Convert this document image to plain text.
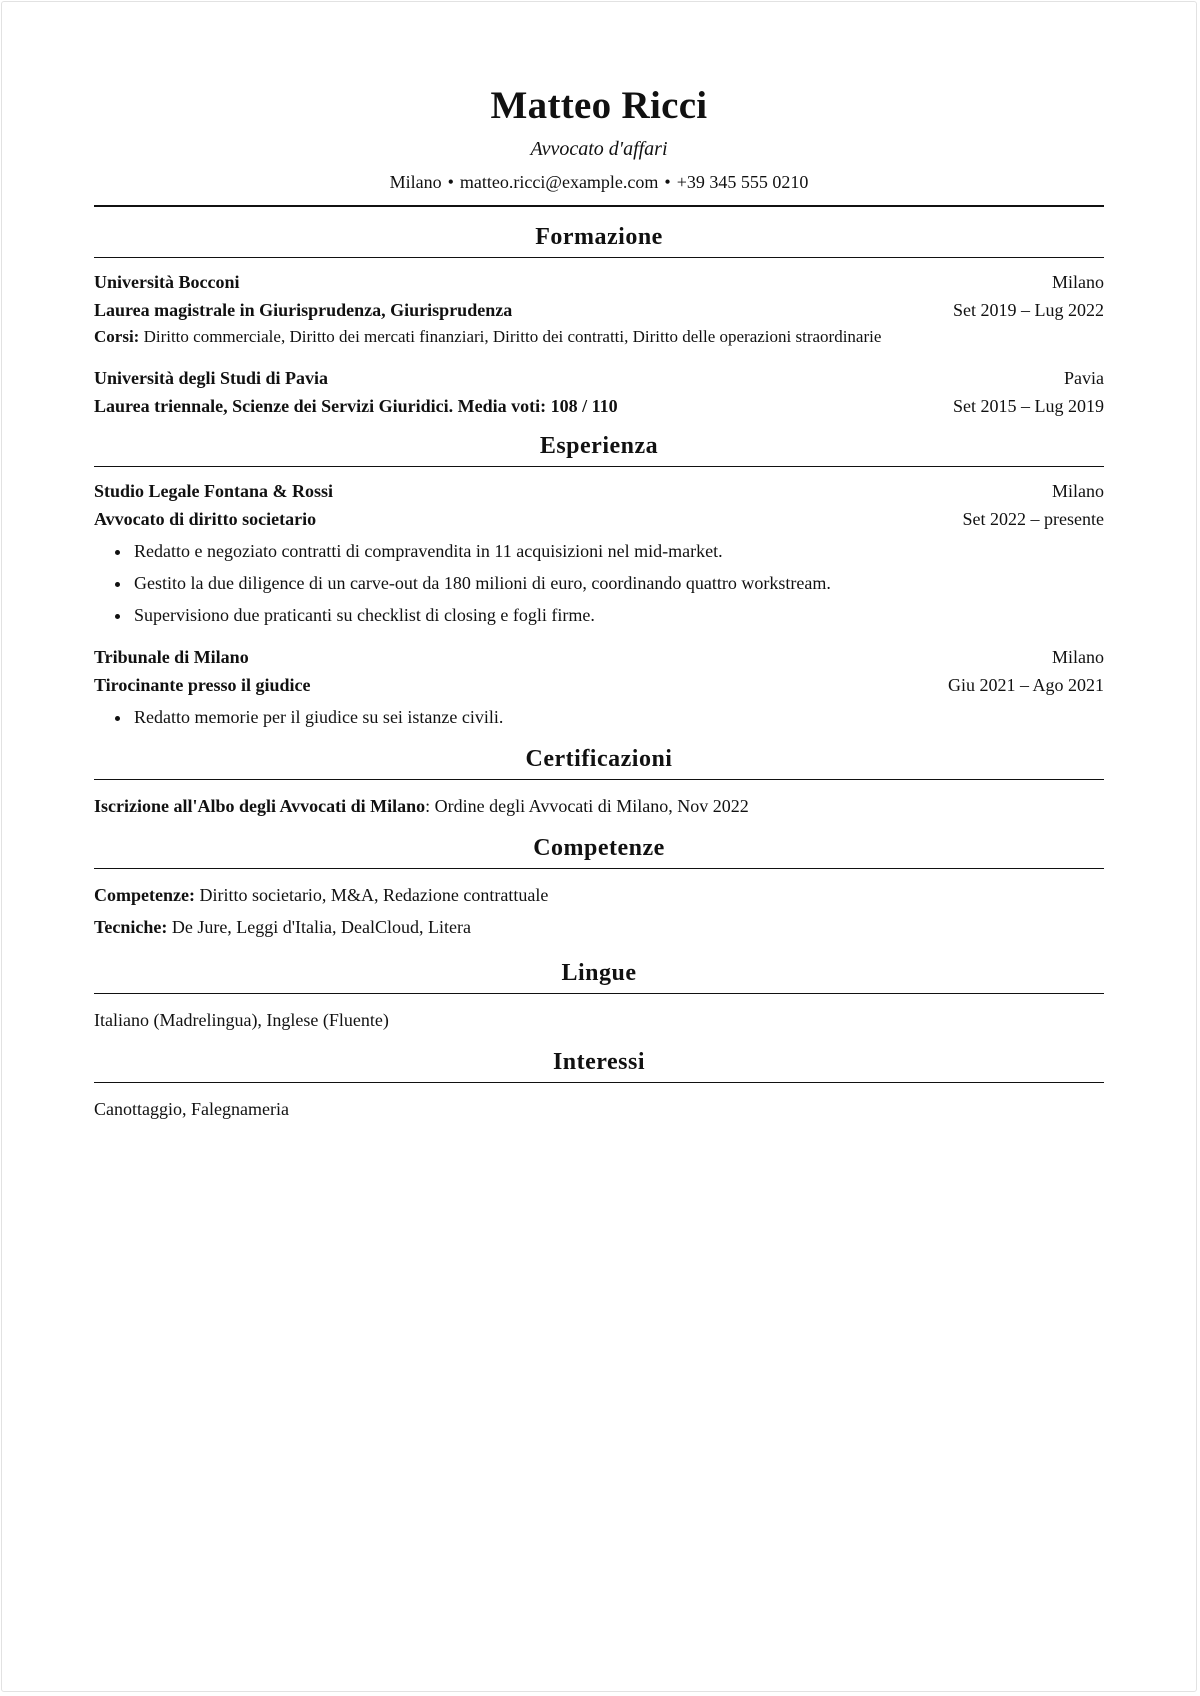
Matteo Ricci
Avvocato d'affari
Milano • matteo.ricci@example.com • +39 345 555 0210
Formazione
Università Bocconi	Milano
Laurea magistrale in Giurisprudenza, Giurisprudenza	Set 2019 – Lug 2022
Corsi: Diritto commerciale, Diritto dei mercati finanziari, Diritto dei contratti, Diritto delle operazioni straordinarie
Università degli Studi di Pavia	Pavia
Laurea triennale, Scienze dei Servizi Giuridici. Media voti: 108 / 110	Set 2015 – Lug 2019
Esperienza
Studio Legale Fontana & Rossi	Milano
Avvocato di diritto societario	Set 2022 – presente
• Redatto e negoziato contratti di compravendita in 11 acquisizioni nel mid-market.
• Gestito la due diligence di un carve-out da 180 milioni di euro, coordinando quattro workstream.
• Supervisiono due praticanti su checklist di closing e fogli firme.
Tribunale di Milano	Milano
Tirocinante presso il giudice	Giu 2021 – Ago 2021
• Redatto memorie per il giudice su sei istanze civili.
Certificazioni
Iscrizione all'Albo degli Avvocati di Milano: Ordine degli Avvocati di Milano, Nov 2022
Competenze
Competenze: Diritto societario, M&A, Redazione contrattuale
Tecniche: De Jure, Leggi d'Italia, DealCloud, Litera
Lingue
Italiano (Madrelingua), Inglese (Fluente)
Interessi
Canottaggio, Falegnameria
